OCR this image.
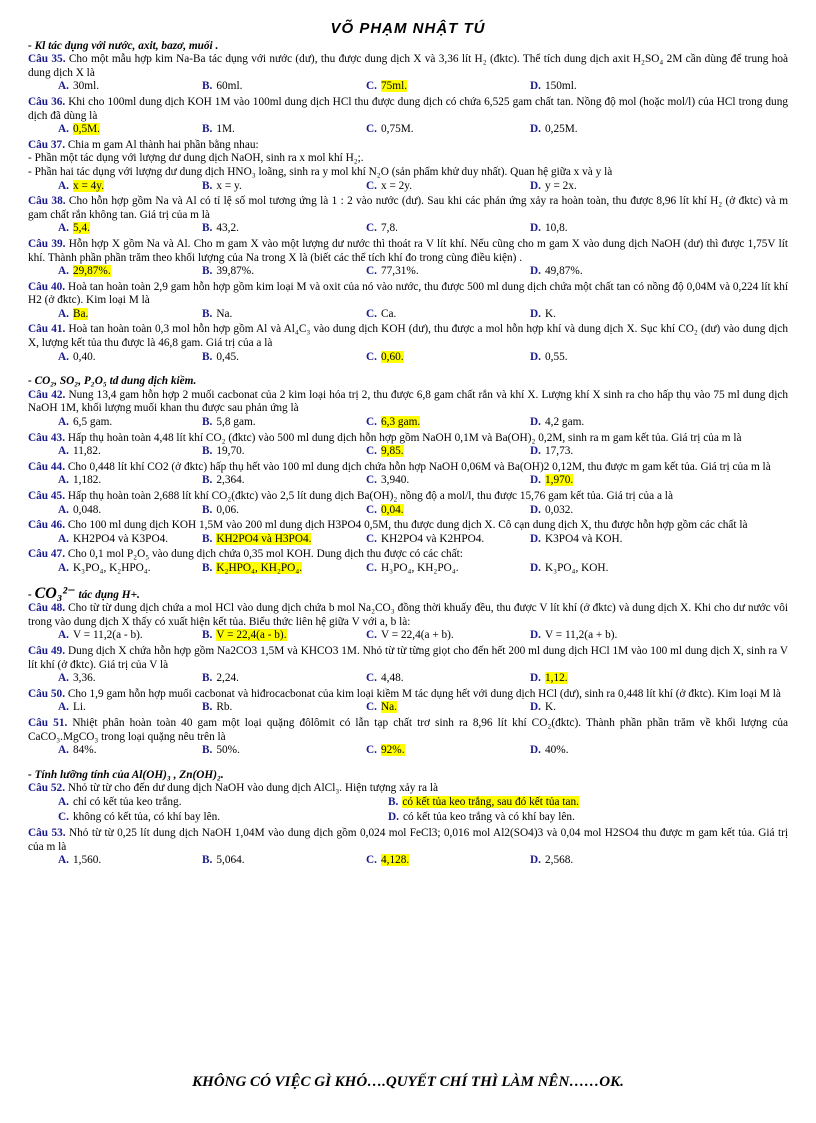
VÕ PHẠM NHẬT TÚ
- Kl tác dụng với nước, axit, bazơ, muối .
Câu 35. Cho một mẫu hợp kim Na-Ba tác dụng với nước (dư), thu được dung dịch X và 3,36 lít H₂ (đktc). Thể tích dung dịch axit H₂SO₄ 2M cần dùng để trung hoà dung dịch X là
A. 30ml.	B. 60ml.	C. 75ml.	D. 150ml.
Câu 36. Khi cho 100ml dung dịch KOH 1M vào 100ml dung dịch HCl thu được dung dịch có chứa 6,525 gam chất tan. Nồng độ mol (hoặc mol/l) của HCl trong dung dịch đã dùng là
A. 0,5M.	B. 1M.	C. 0,75M.	D. 0,25M.
Câu 37. Chia m gam Al thành hai phần bằng nhau:
- Phần một tác dụng với lượng dư dung dịch NaOH, sinh ra x mol khí H₂;.
- Phần hai tác dụng với lượng dư dung dịch HNO₃ loãng, sinh ra y mol khí N₂O (sản phẩm khử duy nhất). Quan hệ giữa x và y là
A. x = 4y.	B. x = y.	C. x = 2y.	D. y = 2x.
Câu 38. Cho hỗn hợp gồm Na và Al có tỉ lệ số mol tương ứng là 1 : 2 vào nước (dư). Sau khi các phản ứng xảy ra hoàn toàn, thu được 8,96 lít khí H₂ (ở đktc) và m gam chất rắn không tan. Giá trị của m là
A. 5,4.	B. 43,2.	C. 7,8.	D. 10,8.
Câu 39. Hỗn hợp X gồm Na và Al. Cho m gam X vào một lượng dư nước thì thoát ra V lít khí. Nếu cũng cho m gam X vào dung dịch NaOH (dư) thì được 1,75V lít khí. Thành phần phần trăm theo khối lượng của Na trong X là (biết các thể tích khí đo trong cùng điều kiện) .
A. 29,87%.	B. 39,87%.	C. 77,31%.	D. 49,87%.
Câu 40. Hoà tan hoàn toàn 2,9 gam hỗn hợp gồm kim loại M và oxit của nó vào nước, thu được 500 ml dung dịch chứa một chất tan có nồng độ 0,04M và 0,224 lít khí H2 (ở đktc). Kim loại M là
A. Ba.	B. Na.	C. Ca.	D. K.
Câu 41. Hoà tan hoàn toàn 0,3 mol hỗn hợp gồm Al và Al₄C₃ vào dung dịch KOH (dư), thu được a mol hỗn hợp khí và dung dịch X. Sục khí CO₂ (dư) vào dung dịch X, lượng kết tủa thu được là 46,8 gam. Giá trị của a là
A. 0,40.	B. 0,45.	C. 0,60.	D. 0,55.
- CO₂, SO₂, P₂O₅ td dung dịch kiềm.
Câu 42. Nung 13,4 gam hỗn hợp 2 muối cacbonat của 2 kim loại hóa trị 2, thu được 6,8 gam chất rắn và khí X. Lượng khí X sinh ra cho hấp thụ vào 75 ml dung dịch NaOH 1M, khối lượng muối khan thu được sau phản ứng là
A. 6,5 gam.	B. 5,8 gam.	C. 6,3 gam.	D. 4,2 gam.
Câu 43. Hấp thụ hoàn toàn 4,48 lít khí CO₂ (đktc) vào 500 ml dung dịch hỗn hợp gồm NaOH 0,1M và Ba(OH)₂ 0,2M, sinh ra m gam kết tủa. Giá trị của m là
A. 11,82.	B. 19,70.	C. 9,85.	D. 17,73.
Câu 44. Cho 0,448 lít khí CO2 (ở đktc) hấp thụ hết vào 100 ml dung dịch chứa hỗn hợp NaOH 0,06M và Ba(OH)2 0,12M, thu được m gam kết tủa. Giá trị của m là
A. 1,182.	B. 2,364.	C. 3,940.	D. 1,970.
Câu 45. Hấp thụ hoàn toàn 2,688 lít khí CO₂(đktc) vào 2,5 lít dung dịch Ba(OH)₂ nồng độ a mol/l, thu được 15,76 gam kết tủa. Giá trị của a là
A. 0,048.	B. 0,06.	C. 0,04.	D. 0,032.
Câu 46. Cho 100 ml dung dịch KOH 1,5M vào 200 ml dung dịch H3PO4 0,5M, thu được dung dịch X. Cô cạn dung dịch X, thu được hỗn hợp gồm các chất là
A. KH2PO4 và K3PO4.	B. KH2PO4 và H3PO4.	C. KH2PO4 và K2HPO4.	D. K3PO4 và KOH.
Câu 47. Cho 0,1 mol P₂O₅ vào dung dịch chứa 0,35 mol KOH. Dung dịch thu được có các chất:
A. K₃PO₄, K₂HPO₄.	B. K₂HPO₄, KH₂PO₄.	C. H₃PO₄, KH₂PO₄.	D. K₃PO₄, KOH.
- CO₃²⁻ tác dụng H+.
Câu 48. Cho từ từ dung dịch chứa a mol HCl vào dung dịch chứa b mol Na₂CO₃ đồng thời khuấy đều, thu được V lít khí (ở đktc) và dung dịch X. Khi cho dư nước vôi trong vào dung dịch X thấy có xuất hiện kết tủa. Biểu thức liên hệ giữa V với a, b là:
A. V = 11,2(a - b).	B. V = 22,4(a - b).	C. V = 22,4(a + b).	D. V = 11,2(a + b).
Câu 49. Dung dịch X chứa hỗn hợp gồm Na2CO3 1,5M và KHCO3 1M. Nhỏ từ từ từng giọt cho đến hết 200 ml dung dịch HCl 1M vào 100 ml dung dịch X, sinh ra V lít khí (ở đktc). Giá trị của V là
A. 3,36.	B. 2,24.	C. 4,48.	D. 1,12.
Câu 50. Cho 1,9 gam hỗn hợp muối cacbonat và hiđrocacbonat của kim loại kiềm M tác dụng hết với dung dịch HCl (dư), sinh ra 0,448 lít khí (ở đktc). Kim loại M là
A. Li.	B. Rb.	C. Na.	D. K.
Câu 51. Nhiệt phân hoàn toàn 40 gam một loại quặng đôlômit có lẫn tạp chất trơ sinh ra 8,96 lít khí CO₂(đktc). Thành phần phần trăm về khối lượng của CaCO₃.MgCO₃ trong loại quặng nêu trên là
A. 84%.	B. 50%.	C. 92%.	D. 40%.
- Tính lưỡng tính của Al(OH)₃ , Zn(OH)₂.
Câu 52. Nhỏ từ từ cho đến dư dung dịch NaOH vào dung dịch AlCl₃. Hiện tượng xảy ra là
A. chỉ có kết tủa keo trắng.	B. có kết tủa keo trắng, sau đó kết tủa tan.
C. không có kết tủa, có khí bay lên.	D. có kết tủa keo trắng và có khí bay lên.
Câu 53. Nhỏ từ từ 0,25 lít dung dịch NaOH 1,04M vào dung dịch gồm 0,024 mol FeCl3; 0,016 mol Al2(SO4)3 và 0,04 mol H2SO4 thu được m gam kết tủa. Giá trị của m là
A. 1,560.	B. 5,064.	C. 4,128.	D. 2,568.
KHÔNG CÓ VIỆC GÌ KHÓ….QUYẾT CHÍ THÌ LÀM NÊN……OK.
